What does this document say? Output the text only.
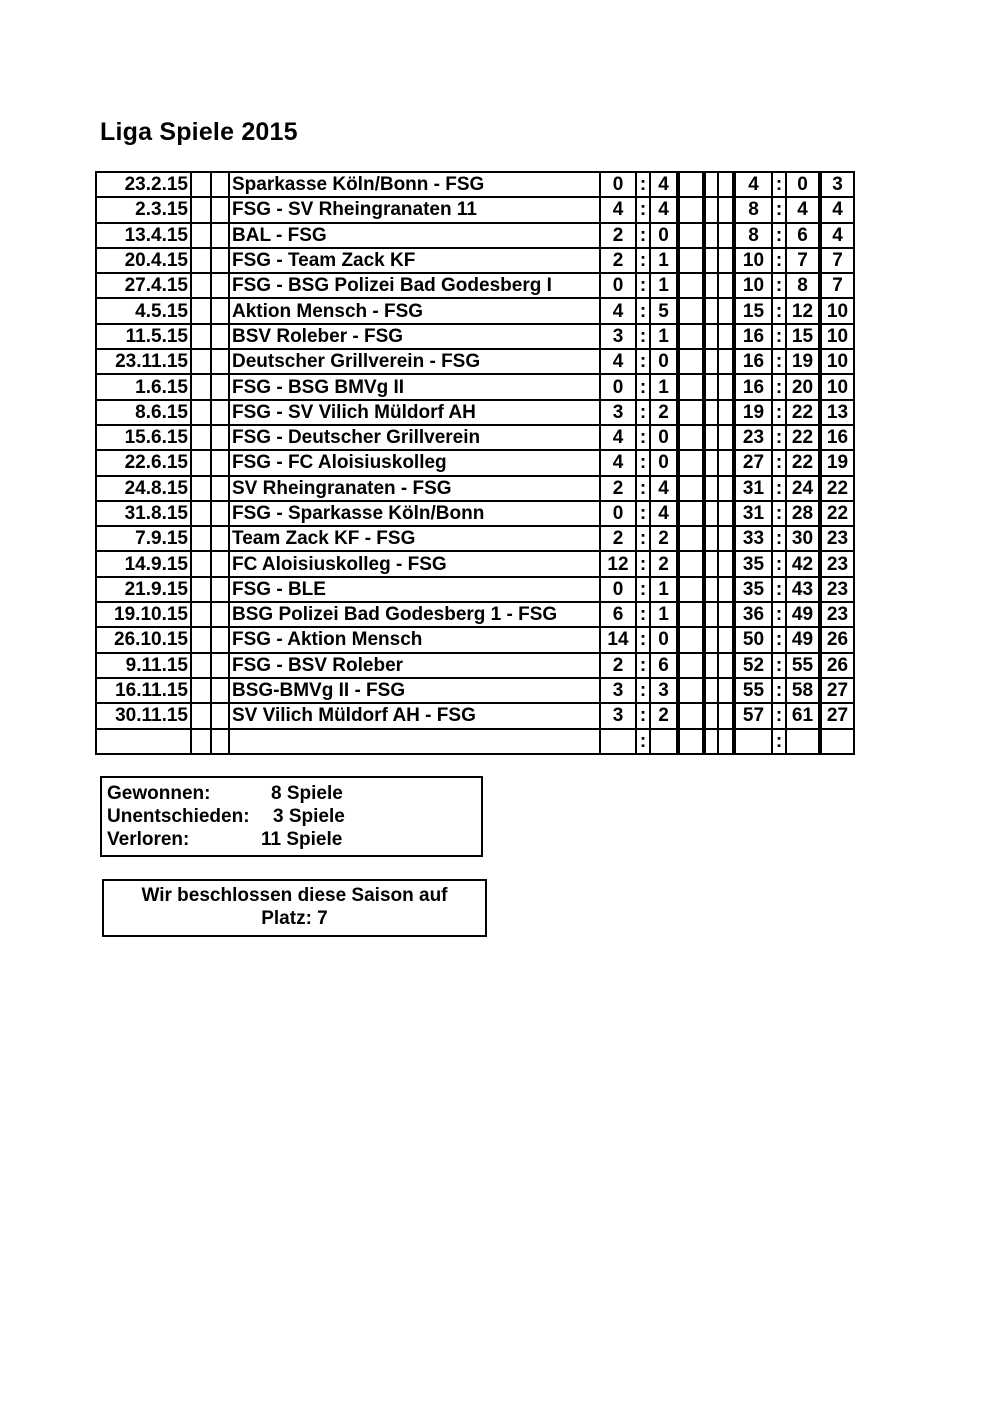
Liga Spiele 2015
23.2.15			Sparkasse Köln/Bonn - FSG	0	:	4				4	:	0	3
2.3.15			FSG - SV Rheingranaten 11	4	:	4				8	:	4	4
13.4.15			BAL - FSG	2	:	0				8	:	6	4
20.4.15			FSG - Team Zack KF	2	:	1				10	:	7	7
27.4.15			FSG - BSG Polizei Bad Godesberg I	0	:	1				10	:	8	7
4.5.15			Aktion Mensch - FSG	4	:	5				15	:	12	10
11.5.15			BSV Roleber - FSG	3	:	1				16	:	15	10
23.11.15			Deutscher Grillverein - FSG	4	:	0				16	:	19	10
1.6.15			FSG - BSG BMVg II	0	:	1				16	:	20	10
8.6.15			FSG - SV Vilich Müldorf AH	3	:	2				19	:	22	13
15.6.15			FSG - Deutscher Grillverein	4	:	0				23	:	22	16
22.6.15			FSG - FC Aloisiuskolleg	4	:	0				27	:	22	19
24.8.15			SV Rheingranaten - FSG	2	:	4				31	:	24	22
31.8.15			FSG - Sparkasse Köln/Bonn	0	:	4				31	:	28	22
7.9.15			Team Zack KF - FSG	2	:	2				33	:	30	23
14.9.15			FC Aloisiuskolleg - FSG	12	:	2				35	:	42	23
21.9.15			FSG - BLE	0	:	1				35	:	43	23
19.10.15			BSG Polizei Bad Godesberg 1 - FSG	6	:	1				36	:	49	23
26.10.15			FSG - Aktion Mensch	14	:	0				50	:	49	26
9.11.15			FSG - BSV Roleber	2	:	6				52	:	55	26
16.11.15			BSG-BMVg II - FSG	3	:	3				55	:	58	27
30.11.15			SV Vilich Müldorf AH - FSG	3	:	2				57	:	61	27
					:						:		
Gewonnen:	8 Spiele
Unentschieden: 3 Spiele
Verloren:	11 Spiele
Wir beschlossen diese Saison auf
Platz: 7
